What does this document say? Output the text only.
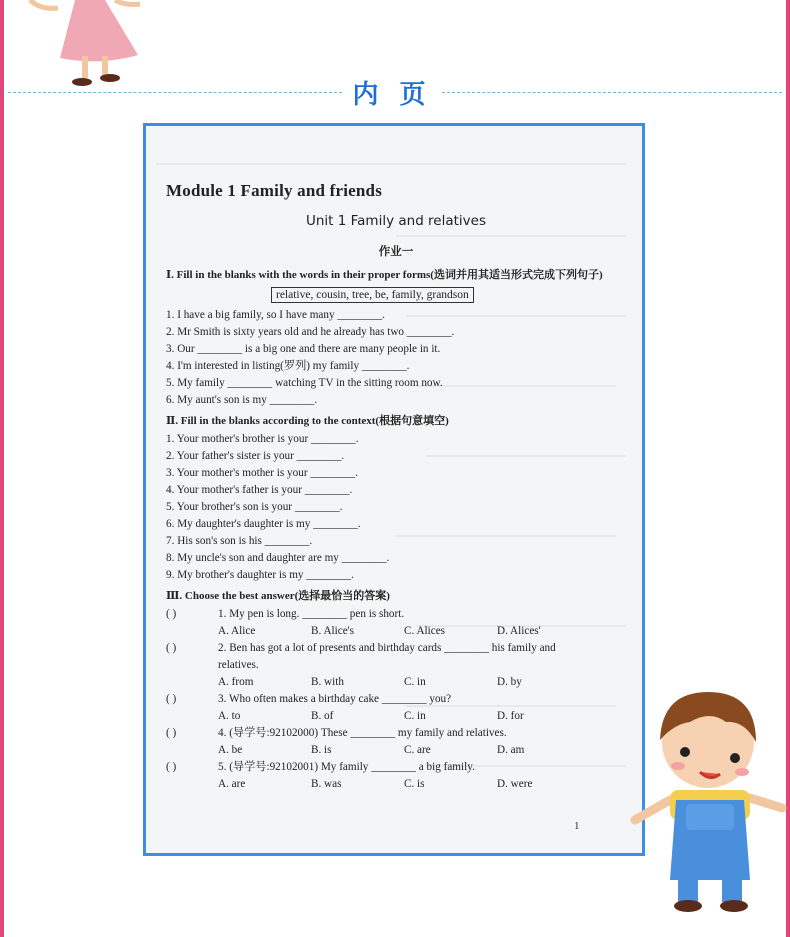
内 页
Module 1 Family and friends
Unit 1 Family and relatives
作业一
Ⅰ. Fill in the blanks with the words in their proper forms(选词并用其适当形式完成下列句子)
relative, cousin, tree, be, family, grandson
1. I have a big family, so I have many ________.
2. Mr Smith is sixty years old and he already has two ________.
3. Our ________ is a big one and there are many people in it.
4. I'm interested in listing(罗列) my family ________.
5. My family ________ watching TV in the sitting room now.
6. My aunt's son is my ________.
Ⅱ. Fill in the blanks according to the context(根据句意填空)
1. Your mother's brother is your ________.
2. Your father's sister is your ________.
3. Your mother's mother is your ________.
4. Your mother's father is your ________.
5. Your brother's son is your ________.
6. My daughter's daughter is my ________.
7. His son's son is his ________.
8. My uncle's son and daughter are my ________.
9. My brother's daughter is my ________.
Ⅲ. Choose the best answer(选择最恰当的答案)
( )	1. My pen is long. ________ pen is short.
A. Alice	B. Alice's	C. Alices	D. Alices'
( )	2. Ben has got a lot of presents and birthday cards ________ his family and
relatives.
A. from	B. with	C. in	D. by
( )	3. Who often makes a birthday cake ________ you?
A. to	B. of	C. in	D. for
( )	4. (导学号:92102000) These ________ my family and relatives.
A. be	B. is	C. are	D. am
( )	5. (导学号:92102001) My family ________ a big family.
A. are	B. was	C. is	D. were
1
